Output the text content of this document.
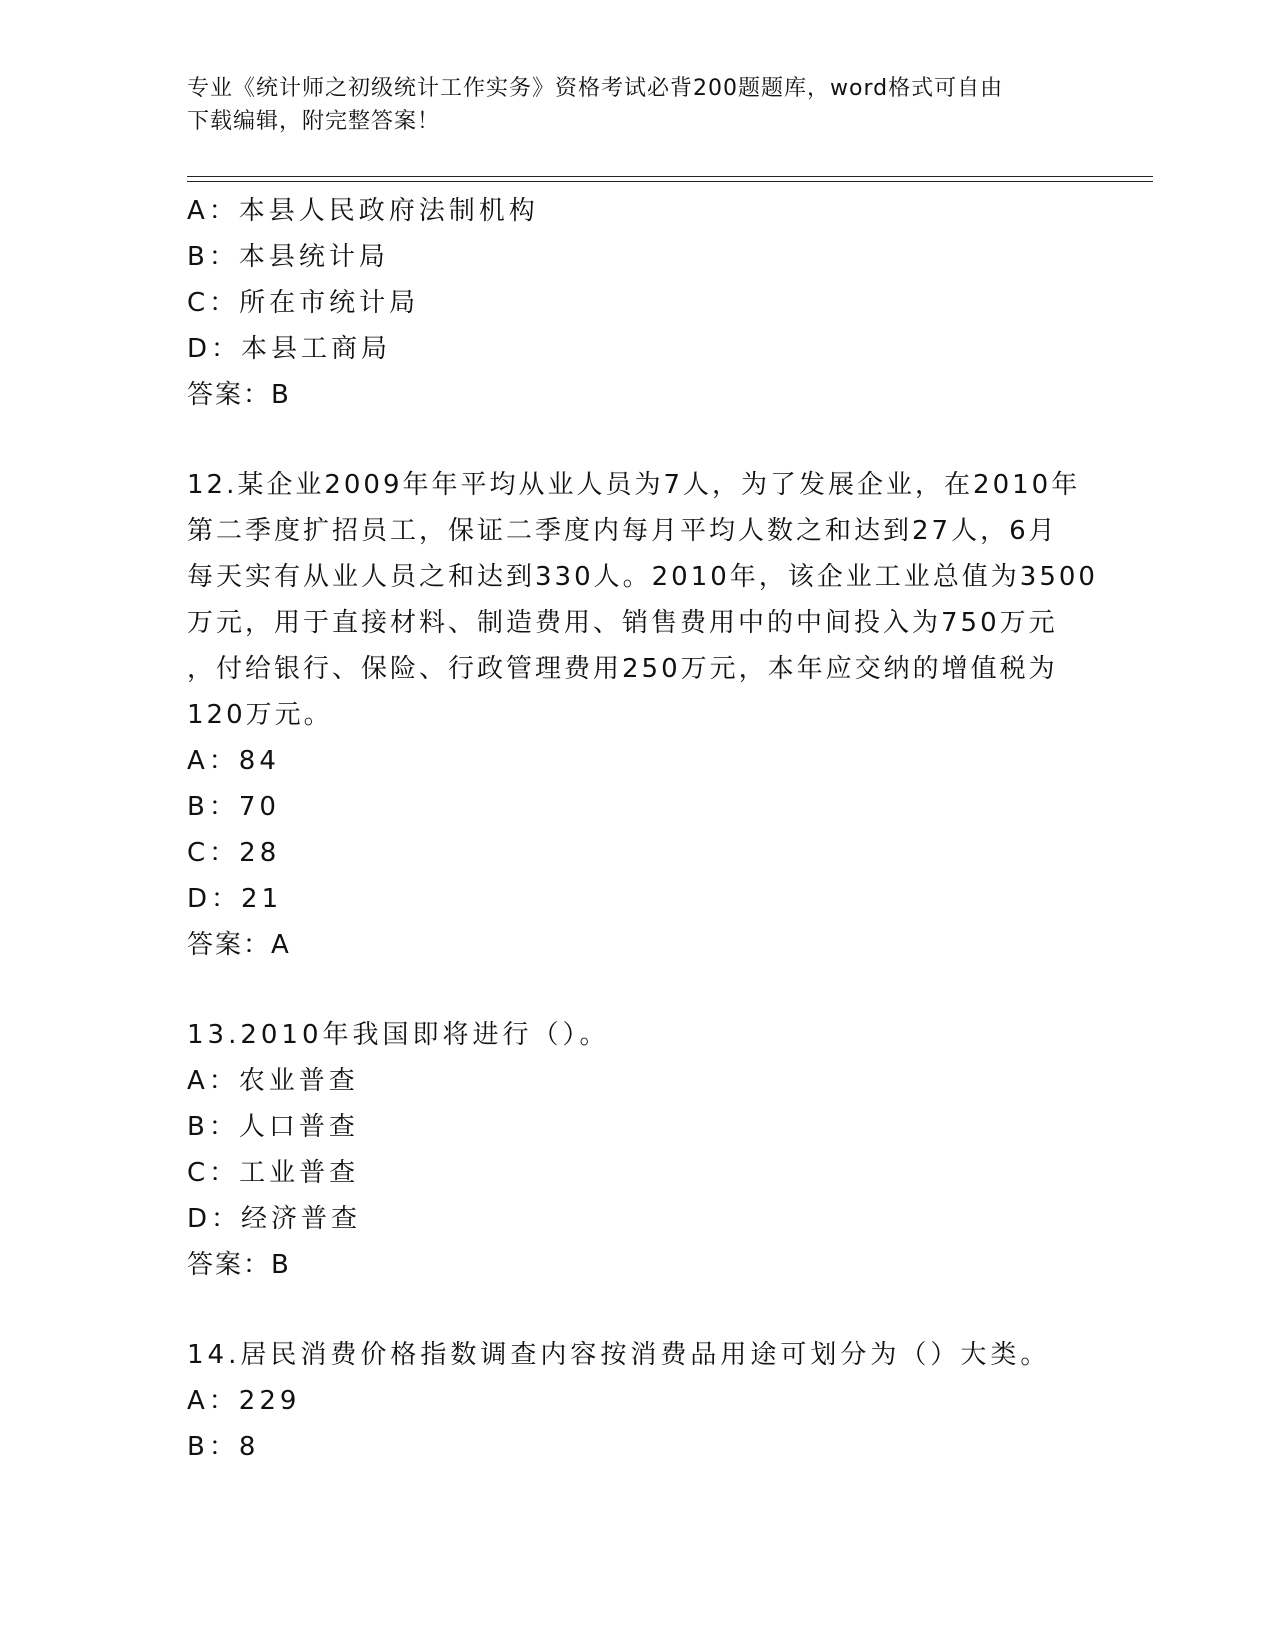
专业《统计师之初级统计工作实务》资格考试必背200题题库，word格式可自由
下载编辑，附完整答案！
A：本县人民政府法制机构
B：本县统计局
C：所在市统计局
D：本县工商局
答案：B
12.某企业2009年年平均从业人员为7人，为了发展企业，在2010年
第二季度扩招员工，保证二季度内每月平均人数之和达到27人，6月
每天实有从业人员之和达到330人。2010年，该企业工业总值为3500
万元，用于直接材料、制造费用、销售费用中的中间投入为750万元
，付给银行、保险、行政管理费用250万元，本年应交纳的增值税为
120万元。
A：84
B：70
C：28
D：21
答案：A
13.2010年我国即将进行（）。
A：农业普查
B：人口普查
C：工业普查
D：经济普查
答案：B
14.居民消费价格指数调查内容按消费品用途可划分为（）大类。
A：229
B：8
